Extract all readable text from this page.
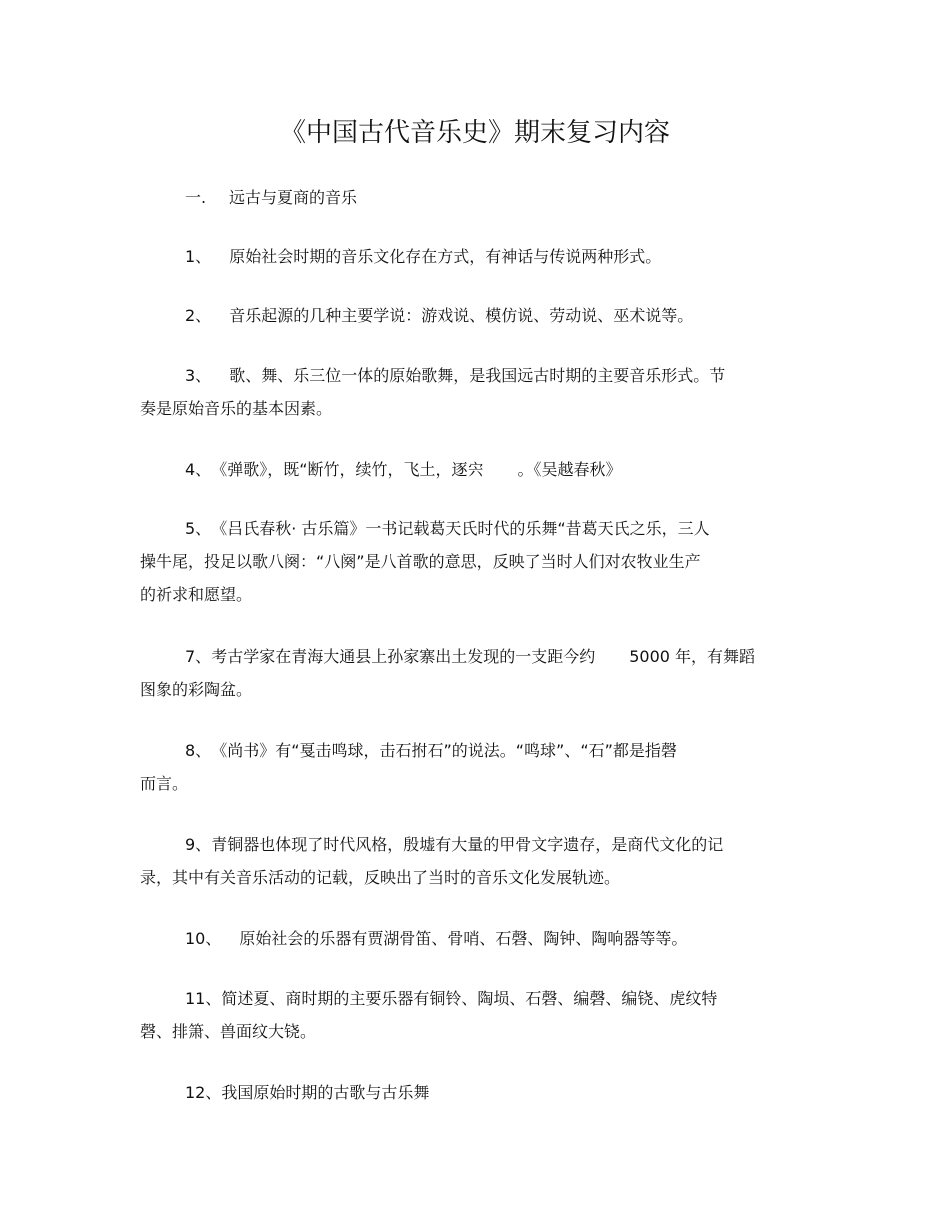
《中国古代音乐史》期末复习内容
一. 远古与夏商的音乐
1、 原始社会时期的音乐文化存在方式，有神话与传说两种形式。
2、 音乐起源的几种主要学说：游戏说、模仿说、劳动说、巫术说等。
3、 歌、舞、乐三位一体的原始歌舞，是我国远古时期的主要音乐形式。节
奏是原始音乐的基本因素。
4、《弹歌》，既“断竹，续竹，飞土，逐宍 。《吴越春秋》
5、《吕氏春秋· 古乐篇》一书记载葛天氏时代的乐舞“昔葛天氏之乐，三人
操牛尾，投足以歌八阕：“八阕”是八首歌的意思，反映了当时人们对农牧业生产
的祈求和愿望。
7、考古学家在青海大通县上孙家寨出土发现的一支距今约 5000 年，有舞蹈
图象的彩陶盆。
8、《尚书》有“戛击鸣球，击石拊石”的说法。“鸣球”、“石”都是指磬
而言。
9、青铜器也体现了时代风格，殷墟有大量的甲骨文字遗存，是商代文化的记
录，其中有关音乐活动的记载，反映出了当时的音乐文化发展轨迹。
10、 原始社会的乐器有贾湖骨笛、骨哨、石磬、陶钟、陶响器等等。
11、简述夏、商时期的主要乐器有铜铃、陶埙、石磬、编磬、编铙、虎纹特
磬、排箫、兽面纹大铙。
12、我国原始时期的古歌与古乐舞
